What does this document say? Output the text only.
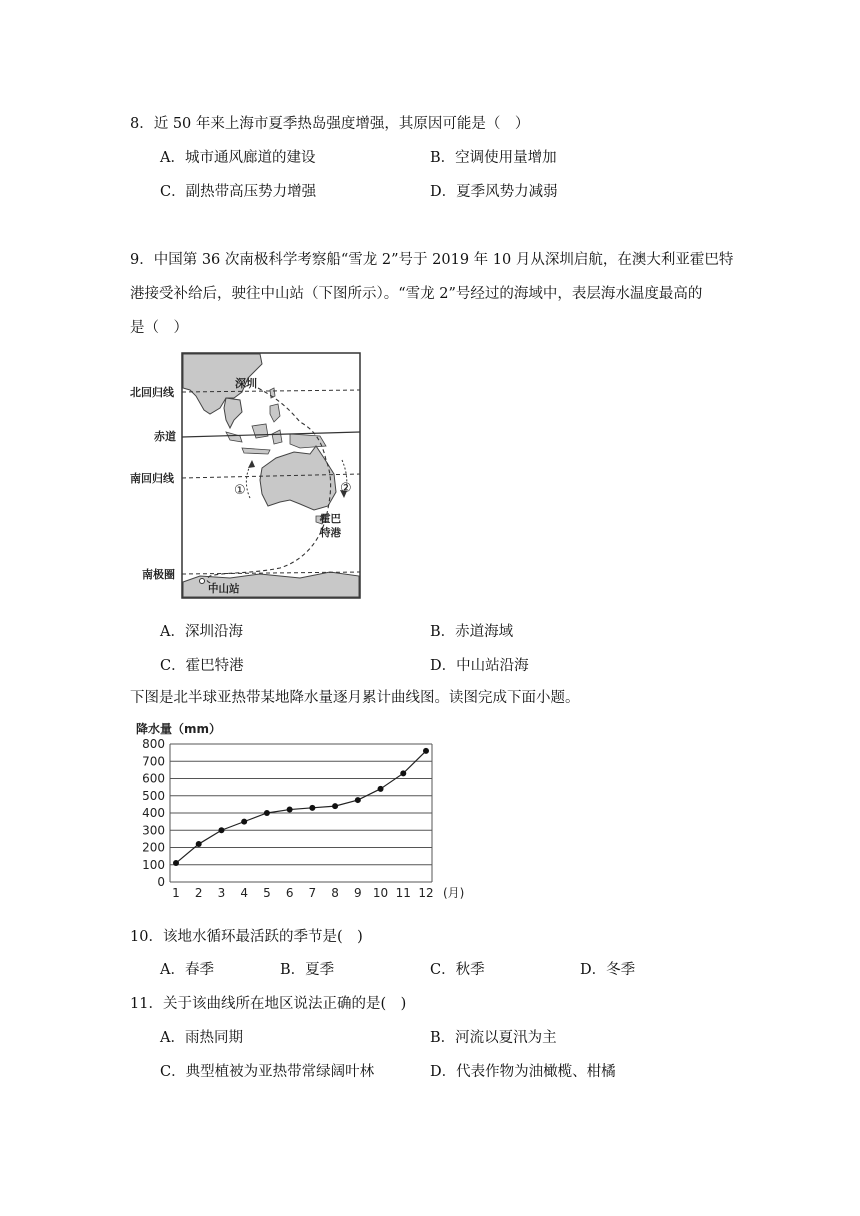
8．近 50 年来上海市夏季热岛强度增强，其原因可能是（　）
A．城市通风廊道的建设	B．空调使用量增加
C．副热带高压势力增强	D．夏季风势力减弱
9．中国第 36 次南极科学考察船“雪龙 2”号于 2019 年 10 月从深圳启航，在澳大利亚霍巴特
港接受补给后，驶往中山站（下图所示）。“雪龙 2”号经过的海域中，表层海水温度最高的
是（　）
北回归线
赤道
南回归线
南极圈
深圳
霍巴
特港
中山站
①	②
A．深圳沿海	B．赤道海域
C．霍巴特港	D．中山站沿海
下图是北半球亚热带某地降水量逐月累计曲线图。读图完成下面小题。
降水量（mm）
0
100
200
300
400
500
600
700
800
1 2 3 4 5 6 7 8 9 10 11 12 (月)
10．该地水循环最活跃的季节是(　)
A．春季	B．夏季	C．秋季	D．冬季
11．关于该曲线所在地区说法正确的是(　)
A．雨热同期	B．河流以夏汛为主
C．典型植被为亚热带常绿阔叶林	D．代表作物为油橄榄、柑橘
